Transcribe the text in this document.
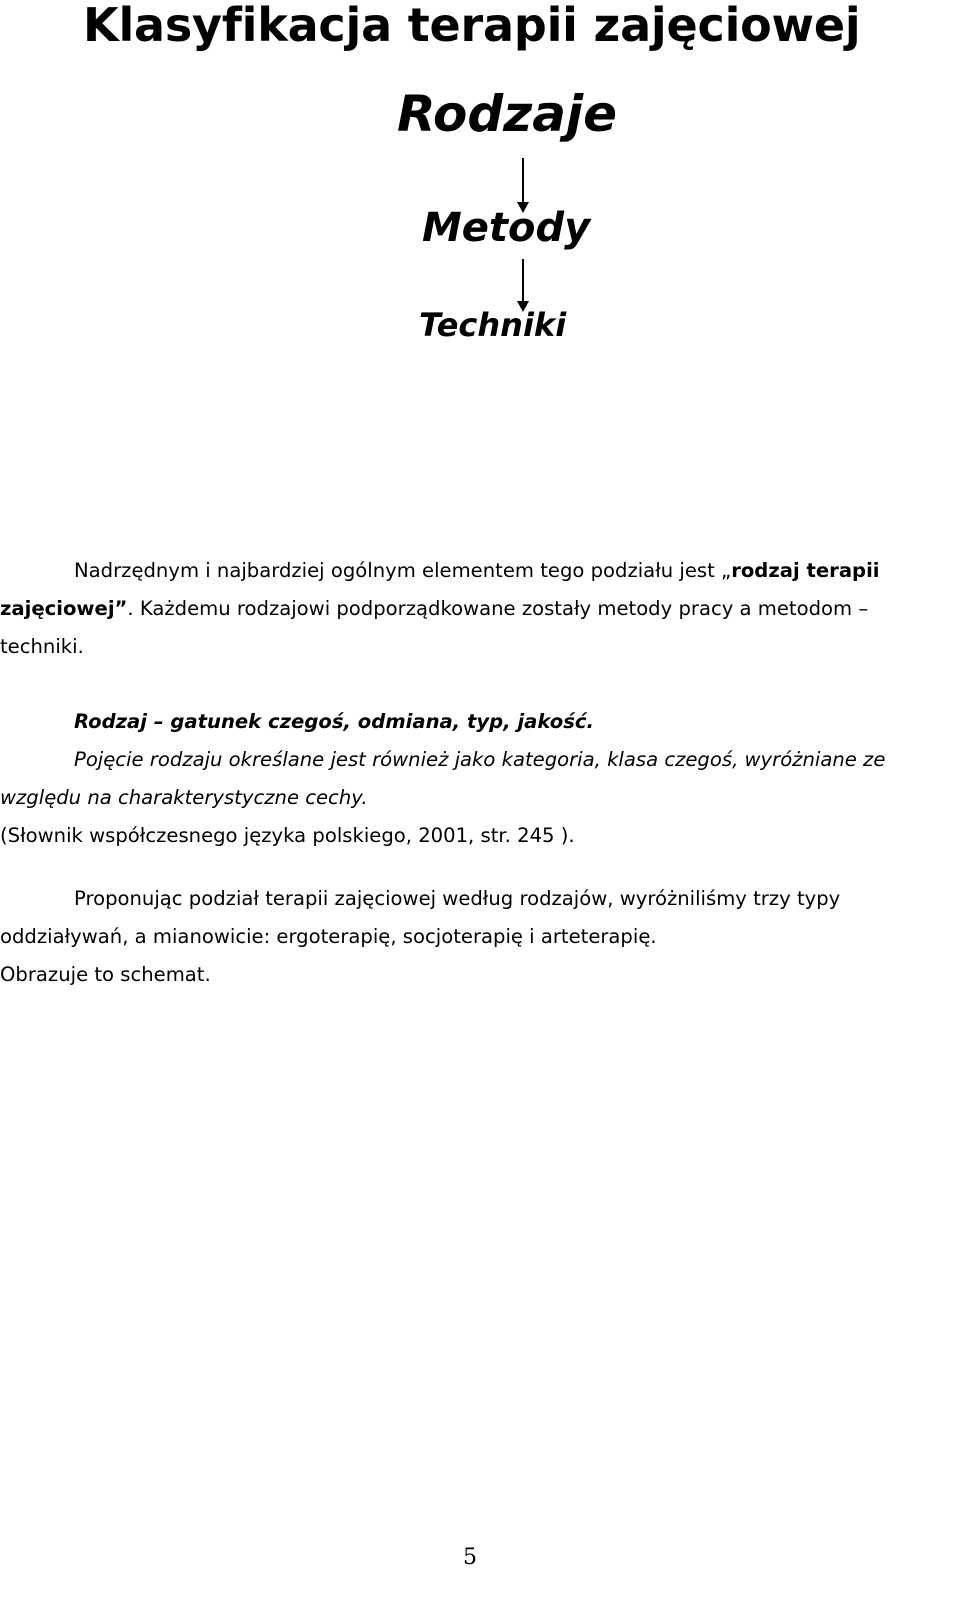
Klasyfikacja terapii zajęciowej
Rodzaje
Metody
Techniki
Nadrzędnym i najbardziej ogólnym elementem tego podziału jest „rodzaj terapii
zajęciowej”. Każdemu rodzajowi podporządkowane zostały metody pracy a metodom –
techniki.
Rodzaj – gatunek czegoś, odmiana, typ, jakość.
Pojęcie rodzaju określane jest również jako kategoria, klasa czegoś, wyróżniane ze
względu na charakterystyczne cechy.
(Słownik współczesnego języka polskiego, 2001, str. 245 ).
Proponując podział terapii zajęciowej według rodzajów, wyróżniliśmy trzy typy
oddziaływań, a mianowicie: ergoterapię, socjoterapię i arteterapię.
Obrazuje to schemat.
5
